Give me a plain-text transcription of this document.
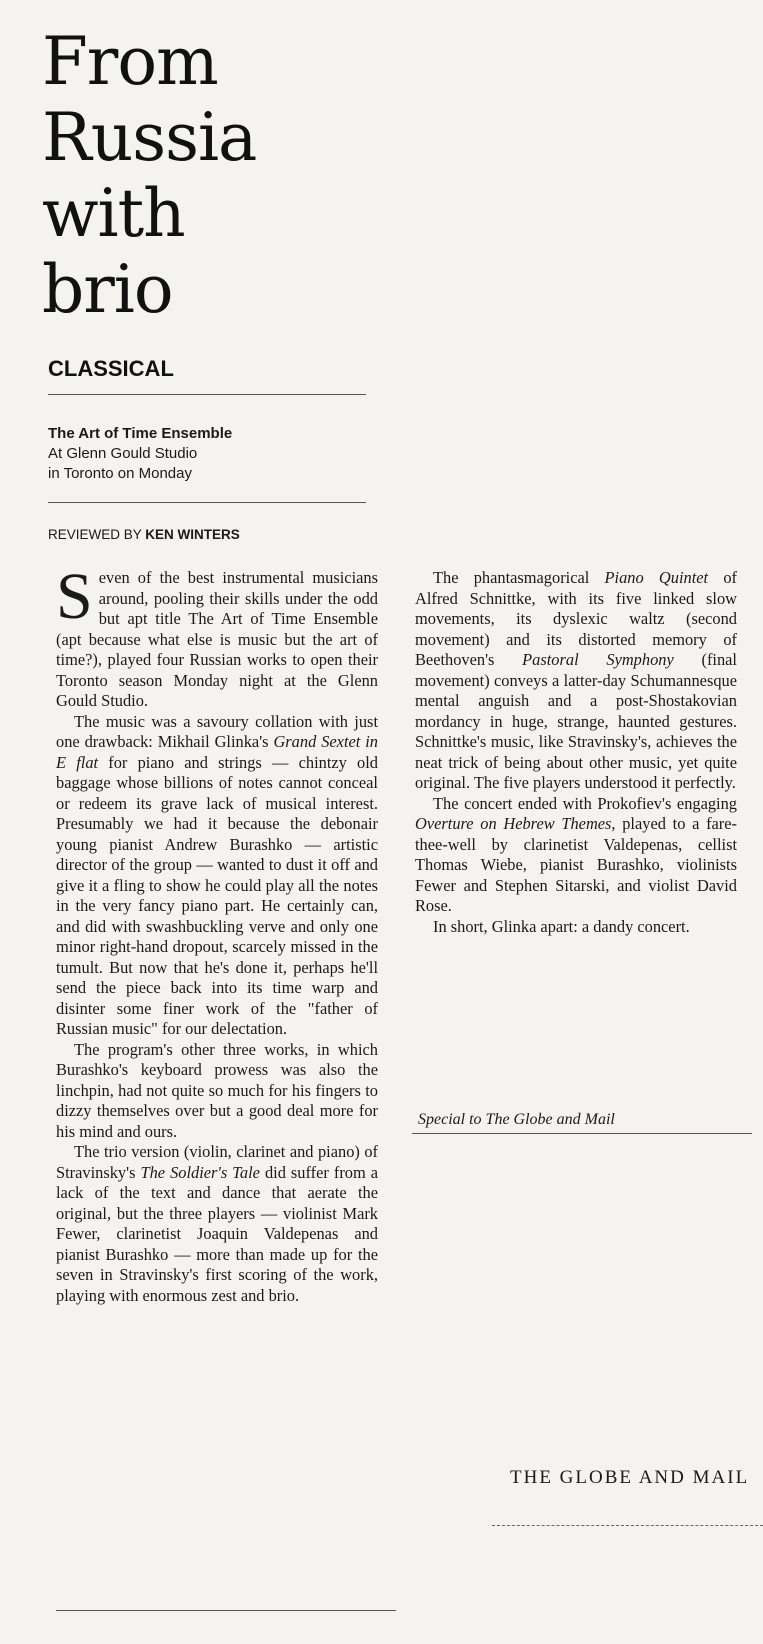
From
Russia
with
brio
CLASSICAL
The Art of Time Ensemble
At Glenn Gould Studio
in Toronto on Monday
REVIEWED BY KEN WINTERS

Seven of the best instrumental musicians around, pooling their skills under the odd but apt title The Art of Time Ensemble (apt because what else is music but the art of time?), played four Russian works to open their Toronto season Monday night at the Glenn Gould Studio.

The music was a savoury collation with just one drawback: Mikhail Glinka's Grand Sextet in E flat for piano and strings — chintzy old baggage whose billions of notes cannot conceal or redeem its grave lack of musical interest. Presumably we had it because the debonair young pianist Andrew Burashko — artistic director of the group — wanted to dust it off and give it a fling to show he could play all the notes in the very fancy piano part. He certainly can, and did with swashbuckling verve and only one minor right-hand dropout, scarcely missed in the tumult. But now that he's done it, perhaps he'll send the piece back into its time warp and disinter some finer work of the "father of Russian music" for our delectation.

The program's other three works, in which Burashko's keyboard prowess was also the linchpin, had not quite so much for his fingers to dizzy themselves over but a good deal more for his mind and ours.

The trio version (violin, clarinet and piano) of Stravinsky's The Soldier's Tale did suffer from a lack of the text and dance that aerate the original, but the three players — violinist Mark Fewer, clarinetist Joaquin Valdepenas and pianist Burashko — more than made up for the seven in Stravinsky's first scoring of the work, playing with enormous zest and brio.

The phantasmagorical Piano Quintet of Alfred Schnittke, with its five linked slow movements, its dyslexic waltz (second movement) and its distorted memory of Beethoven's Pastoral Symphony (final movement) conveys a latter-day Schumannesque mental anguish and a post-Shostakovian mordancy in huge, strange, haunted gestures. Schnittke's music, like Stravinsky's, achieves the neat trick of being about other music, yet quite original. The five players understood it perfectly.

The concert ended with Prokofiev's engaging Overture on Hebrew Themes, played to a fare-thee-well by clarinetist Valdepenas, cellist Thomas Wiebe, pianist Burashko, violinists Fewer and Stephen Sitarski, and violist David Rose.

In short, Glinka apart: a dandy concert.

Special to The Globe and Mail
THE GLOBE AND MAIL
